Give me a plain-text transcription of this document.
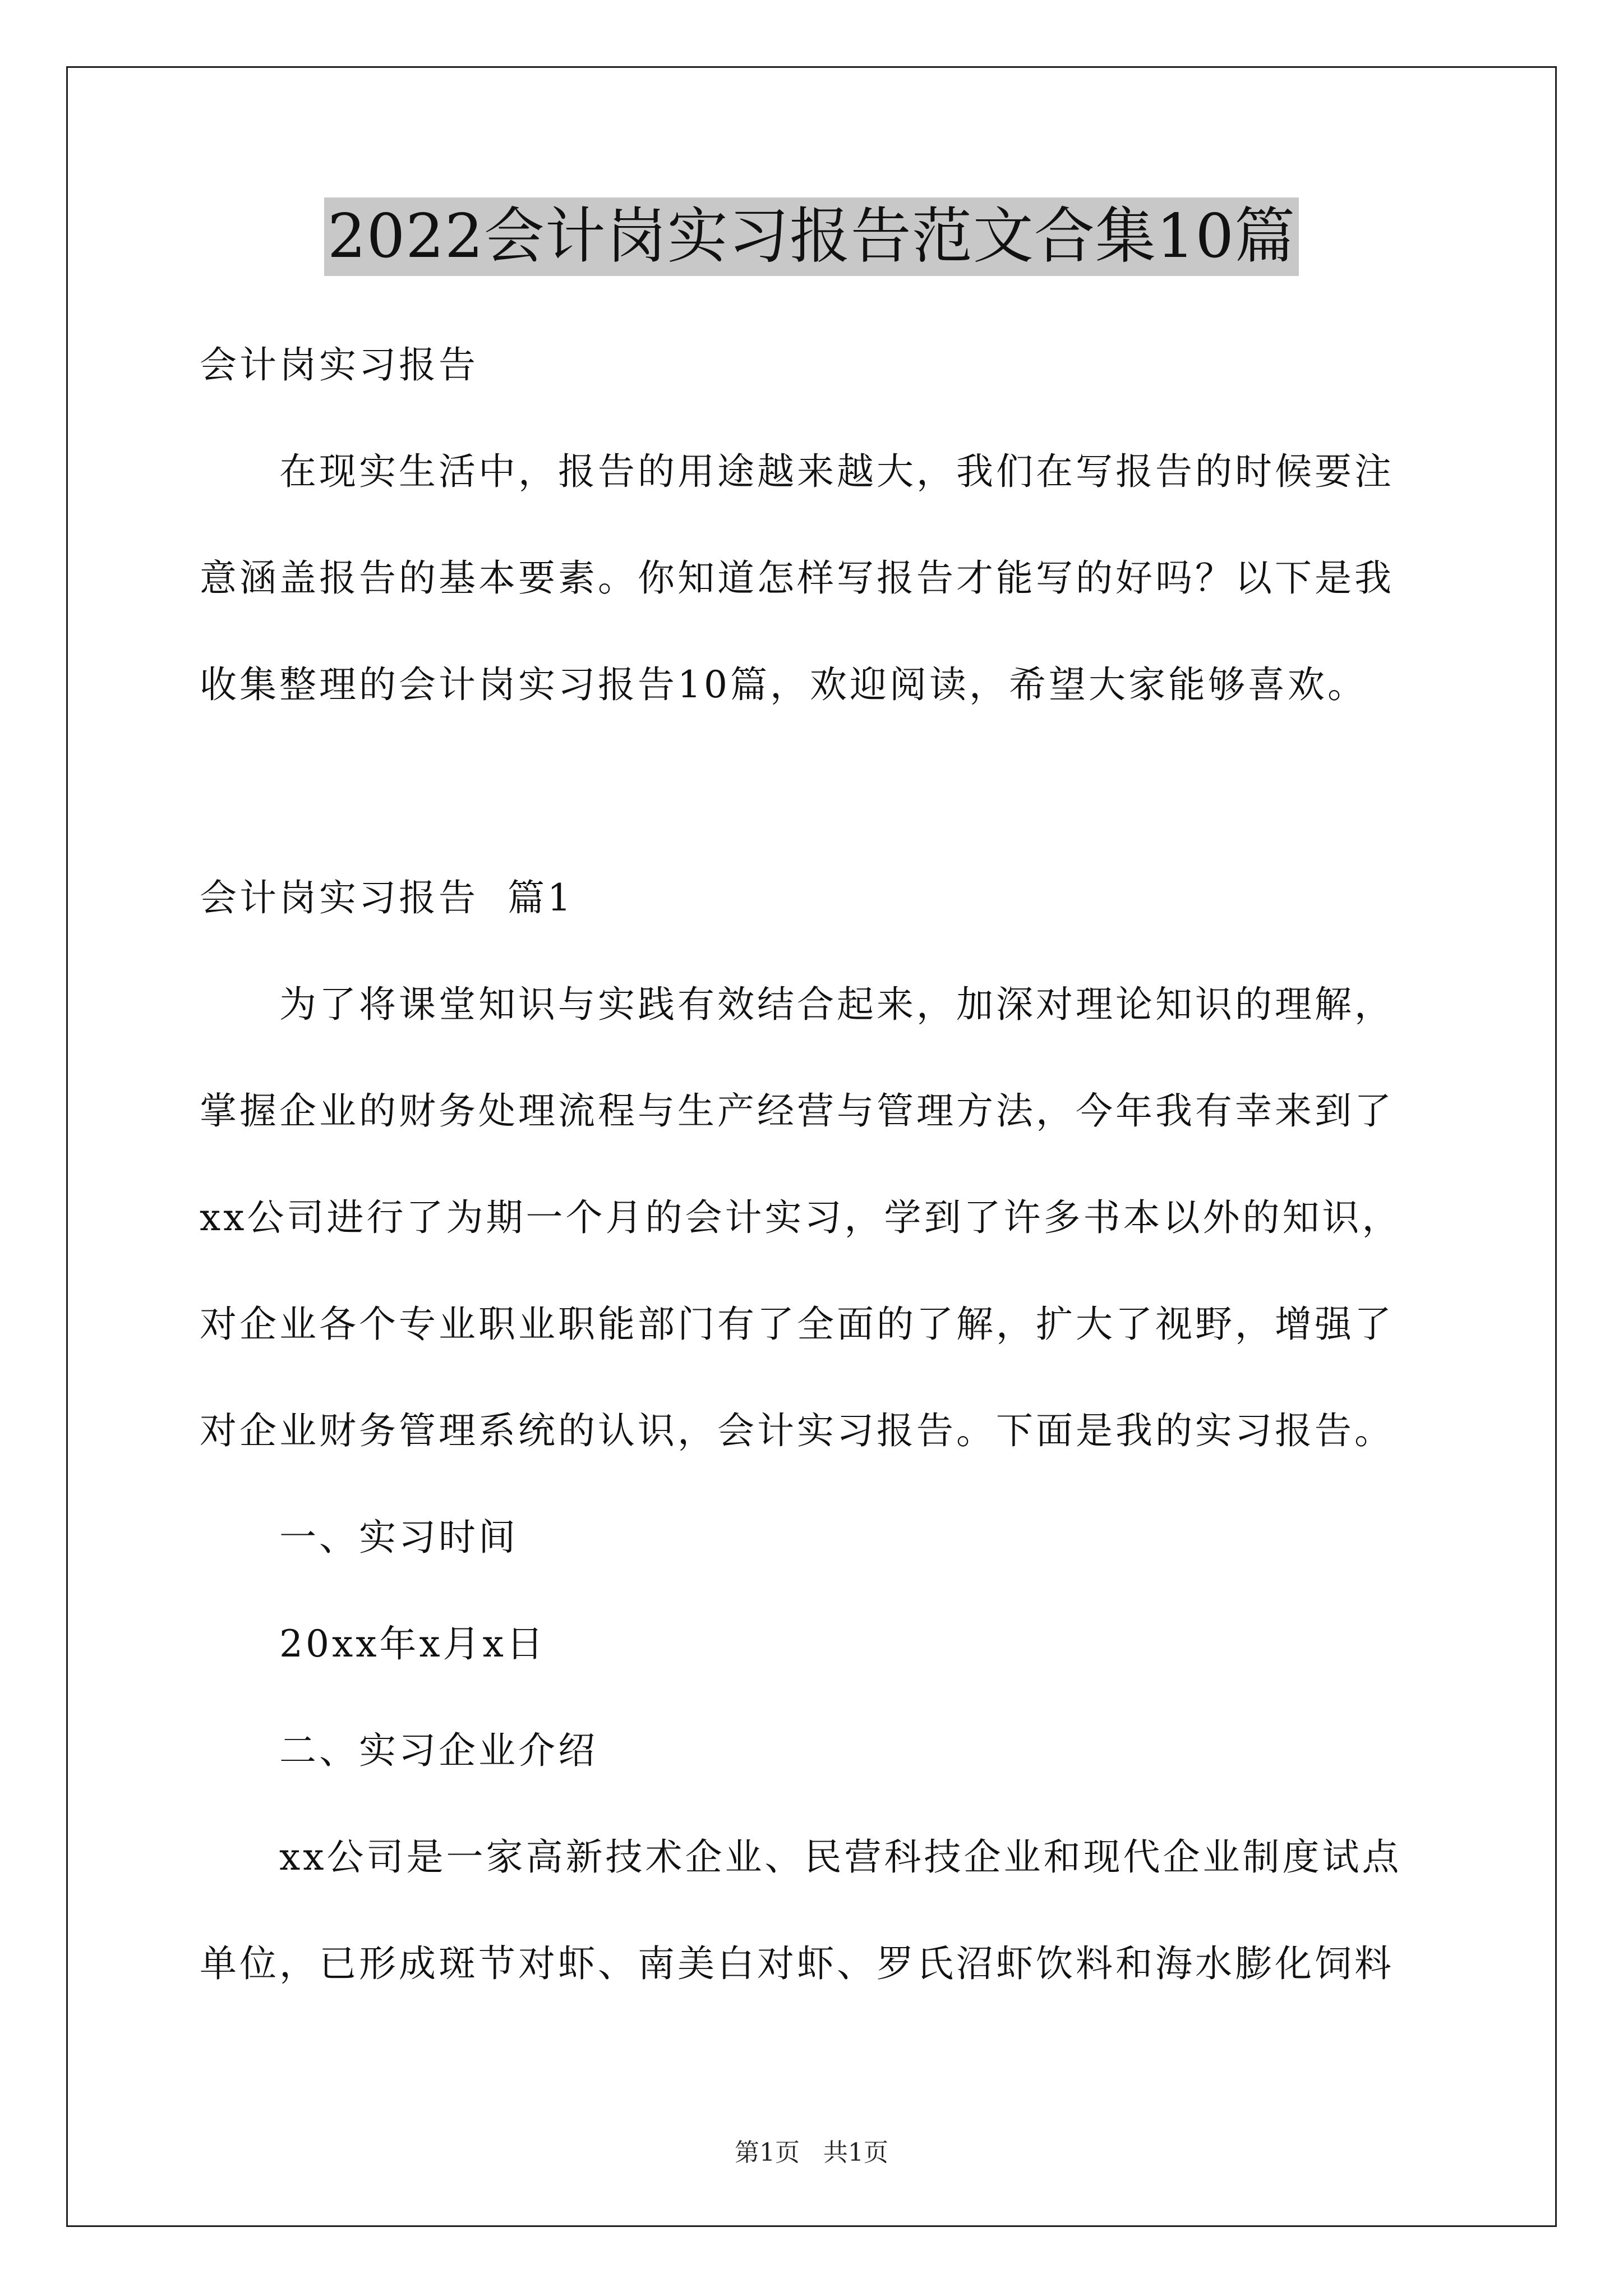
2022会计岗实习报告范文合集10篇
会计岗实习报告
在现实生活中，报告的用途越来越大，我们在写报告的时候要注
意涵盖报告的基本要素。你知道怎样写报告才能写的好吗？以下是我
收集整理的会计岗实习报告10篇，欢迎阅读，希望大家能够喜欢。
会计岗实习报告  篇1
为了将课堂知识与实践有效结合起来，加深对理论知识的理解，
掌握企业的财务处理流程与生产经营与管理方法，今年我有幸来到了
xx公司进行了为期一个月的会计实习，学到了许多书本以外的知识，
对企业各个专业职业职能部门有了全面的了解，扩大了视野，增强了
对企业财务管理系统的认识，会计实习报告。下面是我的实习报告。
一、实习时间
20xx年x月x日
二、实习企业介绍
xx公司是一家高新技术企业、民营科技企业和现代企业制度试点
单位，已形成斑节对虾、南美白对虾、罗氏沼虾饮料和海水膨化饲料
第1页   共1页
